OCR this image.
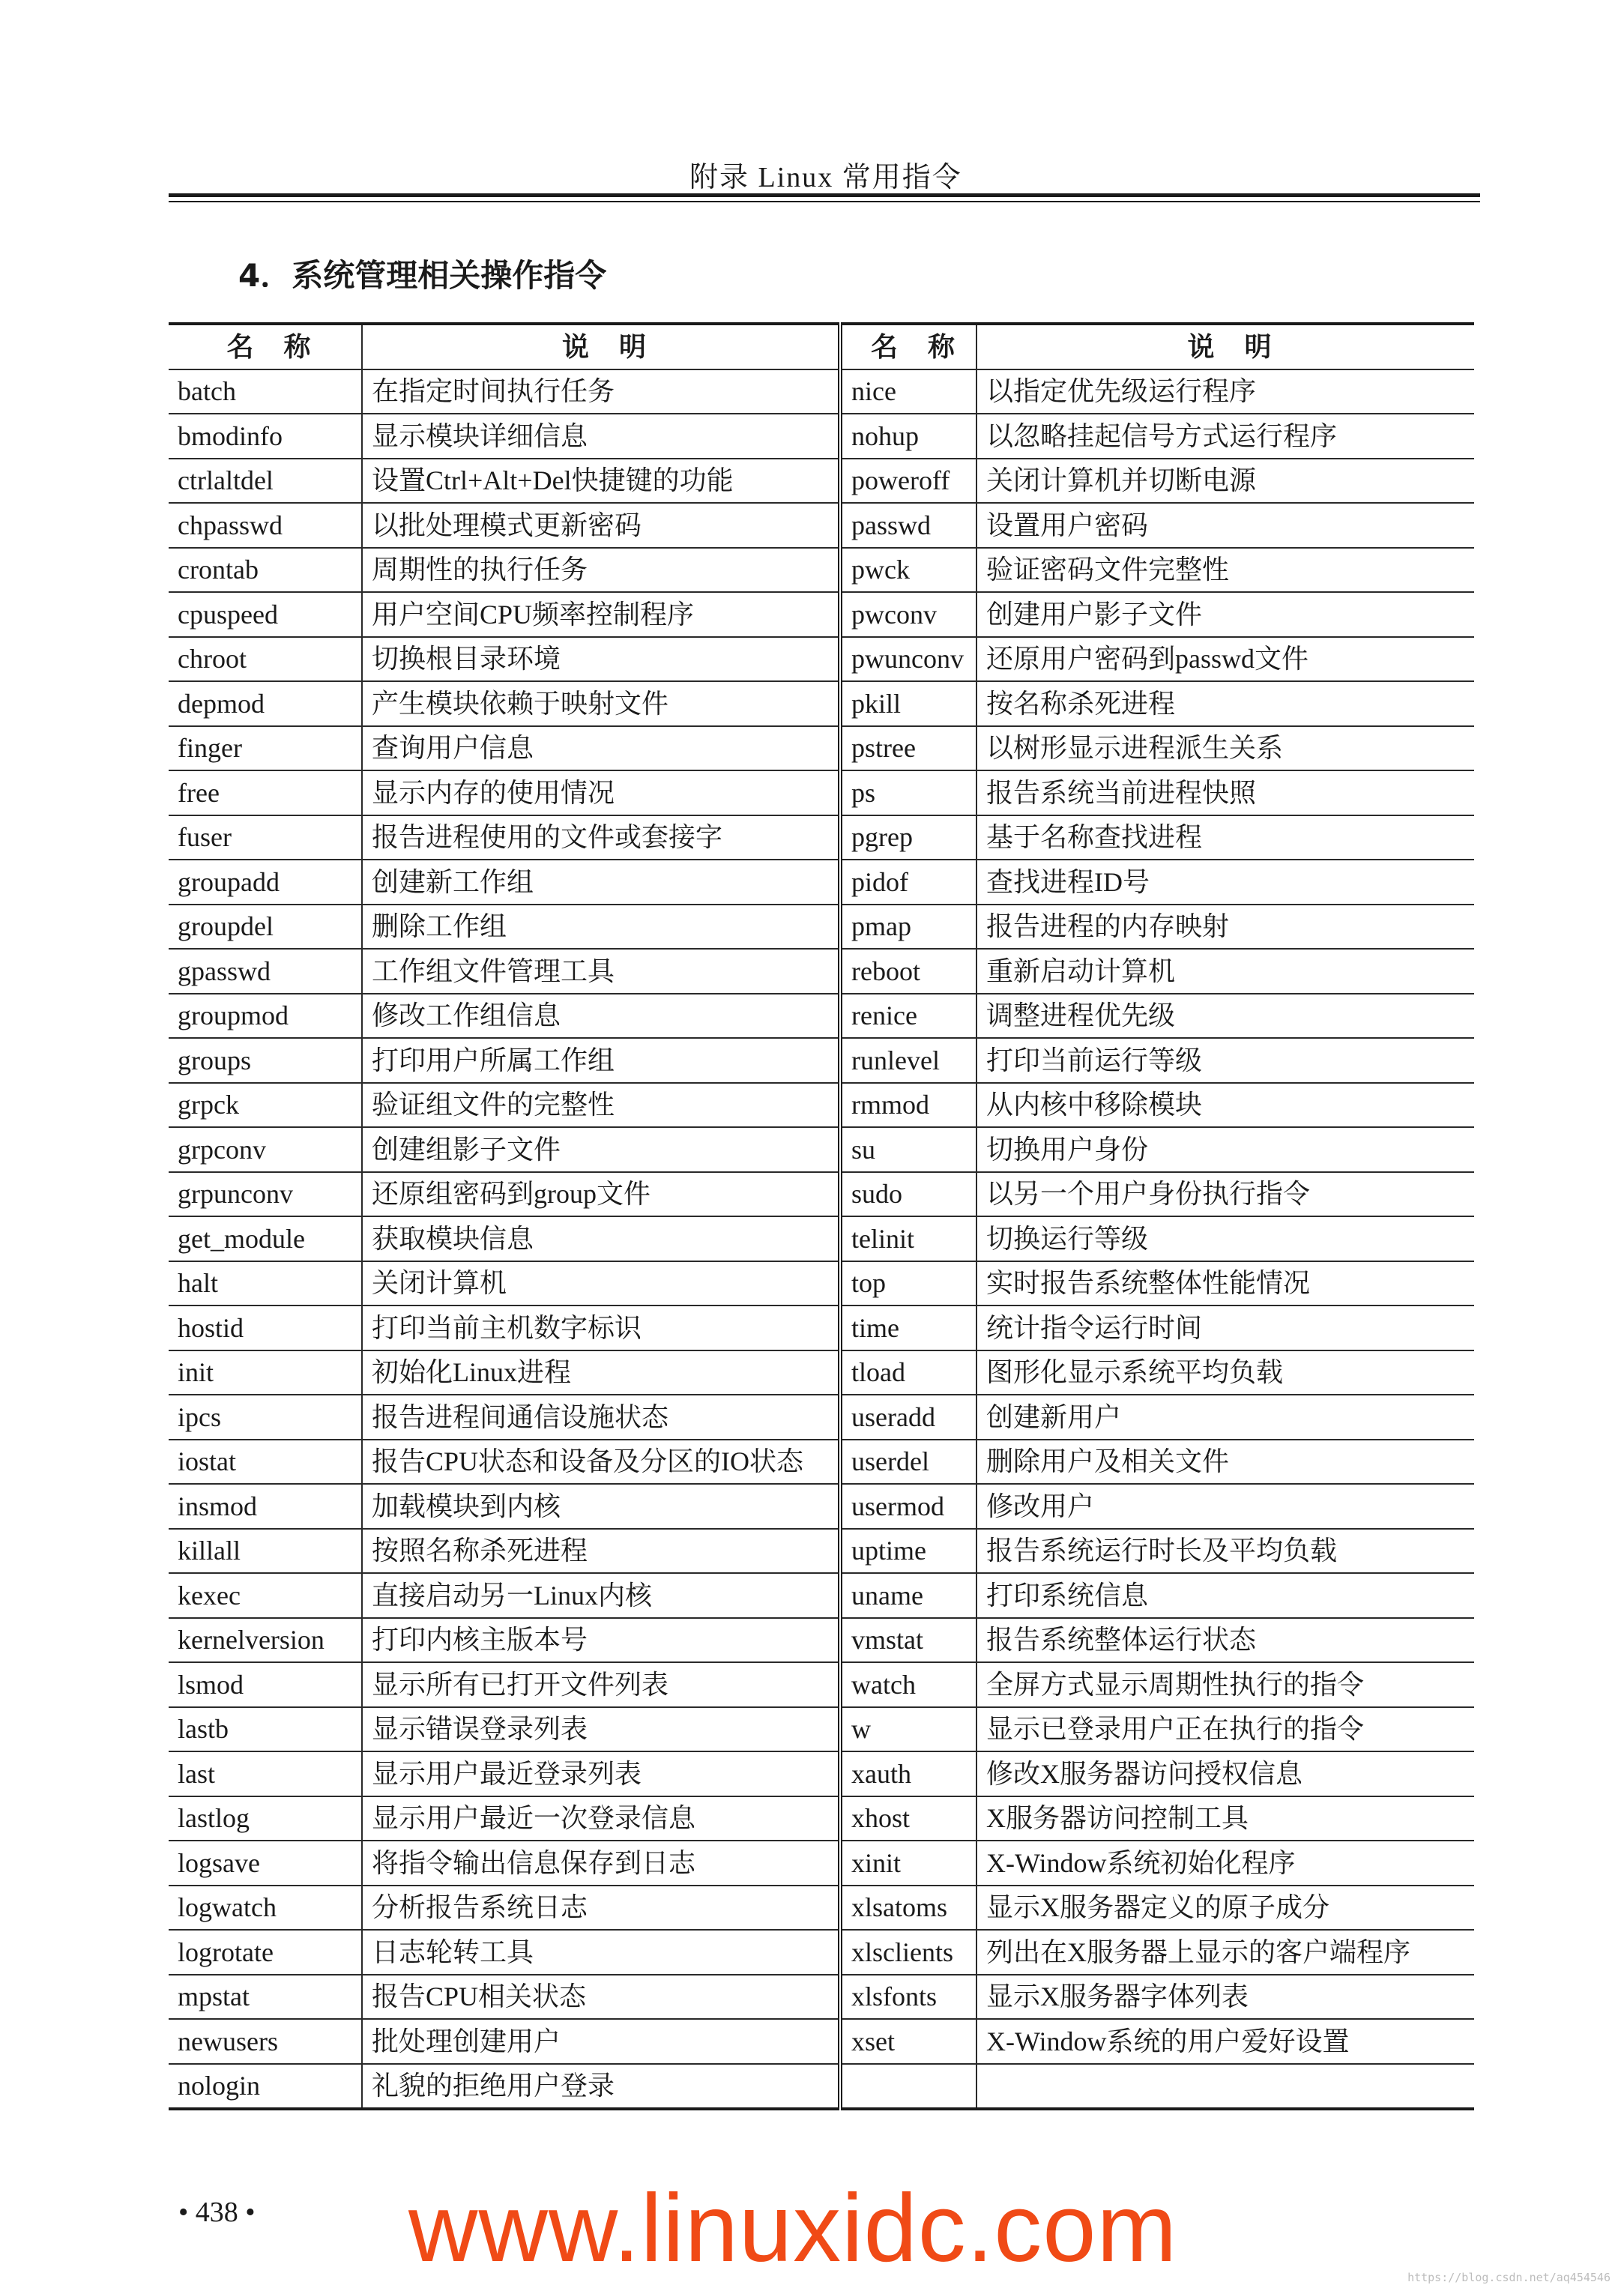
附录 Linux 常用指令
4．系统管理相关操作指令
名　称	说　明	名　称	说　明
batch	在指定时间执行任务	nice	以指定优先级运行程序
bmodinfo	显示模块详细信息	nohup	以忽略挂起信号方式运行程序
ctrlaltdel	设置Ctrl+Alt+Del快捷键的功能	poweroff	关闭计算机并切断电源
chpasswd	以批处理模式更新密码	passwd	设置用户密码
crontab	周期性的执行任务	pwck	验证密码文件完整性
cpuspeed	用户空间CPU频率控制程序	pwconv	创建用户影子文件
chroot	切换根目录环境	pwunconv	还原用户密码到passwd文件
depmod	产生模块依赖于映射文件	pkill	按名称杀死进程
finger	查询用户信息	pstree	以树形显示进程派生关系
free	显示内存的使用情况	ps	报告系统当前进程快照
fuser	报告进程使用的文件或套接字	pgrep	基于名称查找进程
groupadd	创建新工作组	pidof	查找进程ID号
groupdel	删除工作组	pmap	报告进程的内存映射
gpasswd	工作组文件管理工具	reboot	重新启动计算机
groupmod	修改工作组信息	renice	调整进程优先级
groups	打印用户所属工作组	runlevel	打印当前运行等级
grpck	验证组文件的完整性	rmmod	从内核中移除模块
grpconv	创建组影子文件	su	切换用户身份
grpunconv	还原组密码到group文件	sudo	以另一个用户身份执行指令
get_module	获取模块信息	telinit	切换运行等级
halt	关闭计算机	top	实时报告系统整体性能情况
hostid	打印当前主机数字标识	time	统计指令运行时间
init	初始化Linux进程	tload	图形化显示系统平均负载
ipcs	报告进程间通信设施状态	useradd	创建新用户
iostat	报告CPU状态和设备及分区的IO状态	userdel	删除用户及相关文件
insmod	加载模块到内核	usermod	修改用户
killall	按照名称杀死进程	uptime	报告系统运行时长及平均负载
kexec	直接启动另一Linux内核	uname	打印系统信息
kernelversion	打印内核主版本号	vmstat	报告系统整体运行状态
lsmod	显示所有已打开文件列表	watch	全屏方式显示周期性执行的指令
lastb	显示错误登录列表	w	显示已登录用户正在执行的指令
last	显示用户最近登录列表	xauth	修改X服务器访问授权信息
lastlog	显示用户最近一次登录信息	xhost	X服务器访问控制工具
logsave	将指令输出信息保存到日志	xinit	X-Window系统初始化程序
logwatch	分析报告系统日志	xlsatoms	显示X服务器定义的原子成分
logrotate	日志轮转工具	xlsclients	列出在X服务器上显示的客户端程序
mpstat	报告CPU相关状态	xlsfonts	显示X服务器字体列表
newusers	批处理创建用户	xset	X-Window系统的用户爱好设置
nologin	礼貌的拒绝用户登录		
• 438 • www.linuxidc.com	https://blog.csdn.net/aq454546
